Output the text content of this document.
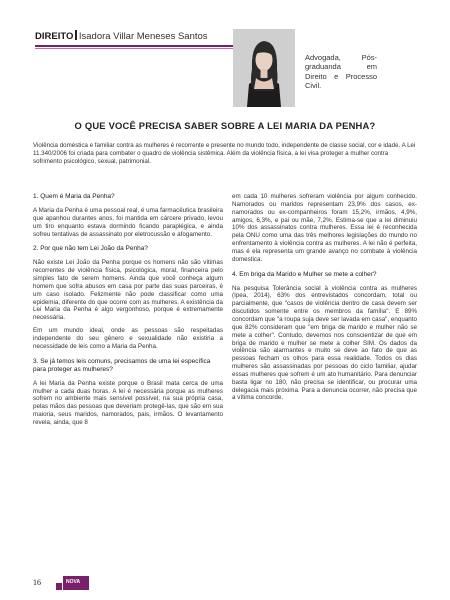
DIREITO Isadora Villar Meneses Santos
Advogada, Pós-graduanda em Direito e Processo Civil.
O QUE VOCÊ PRECISA SABER SOBRE A LEI MARIA DA PENHA?
Violência doméstica e familiar contra as mulheres é recorrente e presente no mundo todo, independente de classe social, cor e idade. A Lei 11.340/2006 foi criada para combater o quadro de violência sistêmica. Além da violência física, a lei visa proteger a mulher contra sofrimento psicológico, sexual, patrimonial.
1. Quem é Maria da Penha?

A Maria da Penha é uma pessoal real, é uma farmacêutica brasileira que apanhou durantes anos, foi mantida em cárcere privado, levou um tiro enquanto estava dormindo ficando paraplégica, e ainda sofreu tentativas de assassinato por eletrocussão e afogamento.

2. Por que não tem Lei João da Penha?

Não existe Lei João da Penha porque os homens não são vítimas recorrentes de violência física, psicológica, moral, financeira pelo simples fato de serem homens. Ainda que você conheça algum homem que sofra abusos em casa por parte das suas parceiras, é um caso isolado. Felizmente não pode classificar como uma epidemia, diferente do que ocorre com as mulheres. A existência da Lei Maria da Penha é algo vergonhoso, porque é extremamente necessária.

Em um mundo ideal, onde as pessoas são respeitadas independente do seu gênero e sexualidade não existiria a necessidade de leis como a Maria da Penha.

3. Se já temos leis comuns, precisamos de uma lei específica para proteger as mulheres?

A lei Maria da Penha existe porque o Brasil mata cerca de uma mulher a cada duas horas. A lei é necessária porque as mulheres sofrem no ambiente mais sensível possível, na sua própria casa, pelas mãos das pessoas que deveriam protegê-las, que são em sua maioria, seus maridos, namorados, pais, irmãos. O levantamento revela, ainda, que 8

em cada 10 mulheres sofreram violência por algum conhecido. Namorados ou maridos representam 23,9% dos casos, ex-namorados ou ex-companheiros foram 15,2%, irmãos, 4,9%, amigos, 6,3%, e pai ou mãe, 7,2%. Estima-se que a lei diminuiu 10% dos assassinatos contra mulheres. Essa lei é reconhecida pela ONU como uma das três melhores legislações do mundo no enfrentamento à violência contra as mulheres. A lei não é perfeita, mas é ela representa um grande avanço no combate à violência domestica.

4. Em briga da Marido e Mulher se mete a colher?

Na pesquisa Tolerância social à violência contra as mulheres (Ipea, 2014), 63% dos entrevistados concordam, total ou parcialmente, que "casos de violência dentro de casa devem ser discutidos somente entre os membros da família". E 89% concordam que "a roupa suja deve ser lavada em casa", enquanto que 82% consideram que "em briga de marido e mulher não se mete a colher". Contudo, devemos nos conscientizar de que em briga de marido e mulher se mete a colher SIM. Os dados da violência são alarmantes e muito se deve ao fato de que as pessoas fecham os olhos para essa realidade. Todos os dias mulheres são assassinadas por pessoas do ciclo familiar, ajudar essas mulheres que sofrem é um ato humanitário. Para denunciar basta ligar no 180, não precisa se identificar, ou procurar uma delegacia mais próxima. Para a denuncia ocorrer, não precisa que a vítima concorde.

16	NOVA
